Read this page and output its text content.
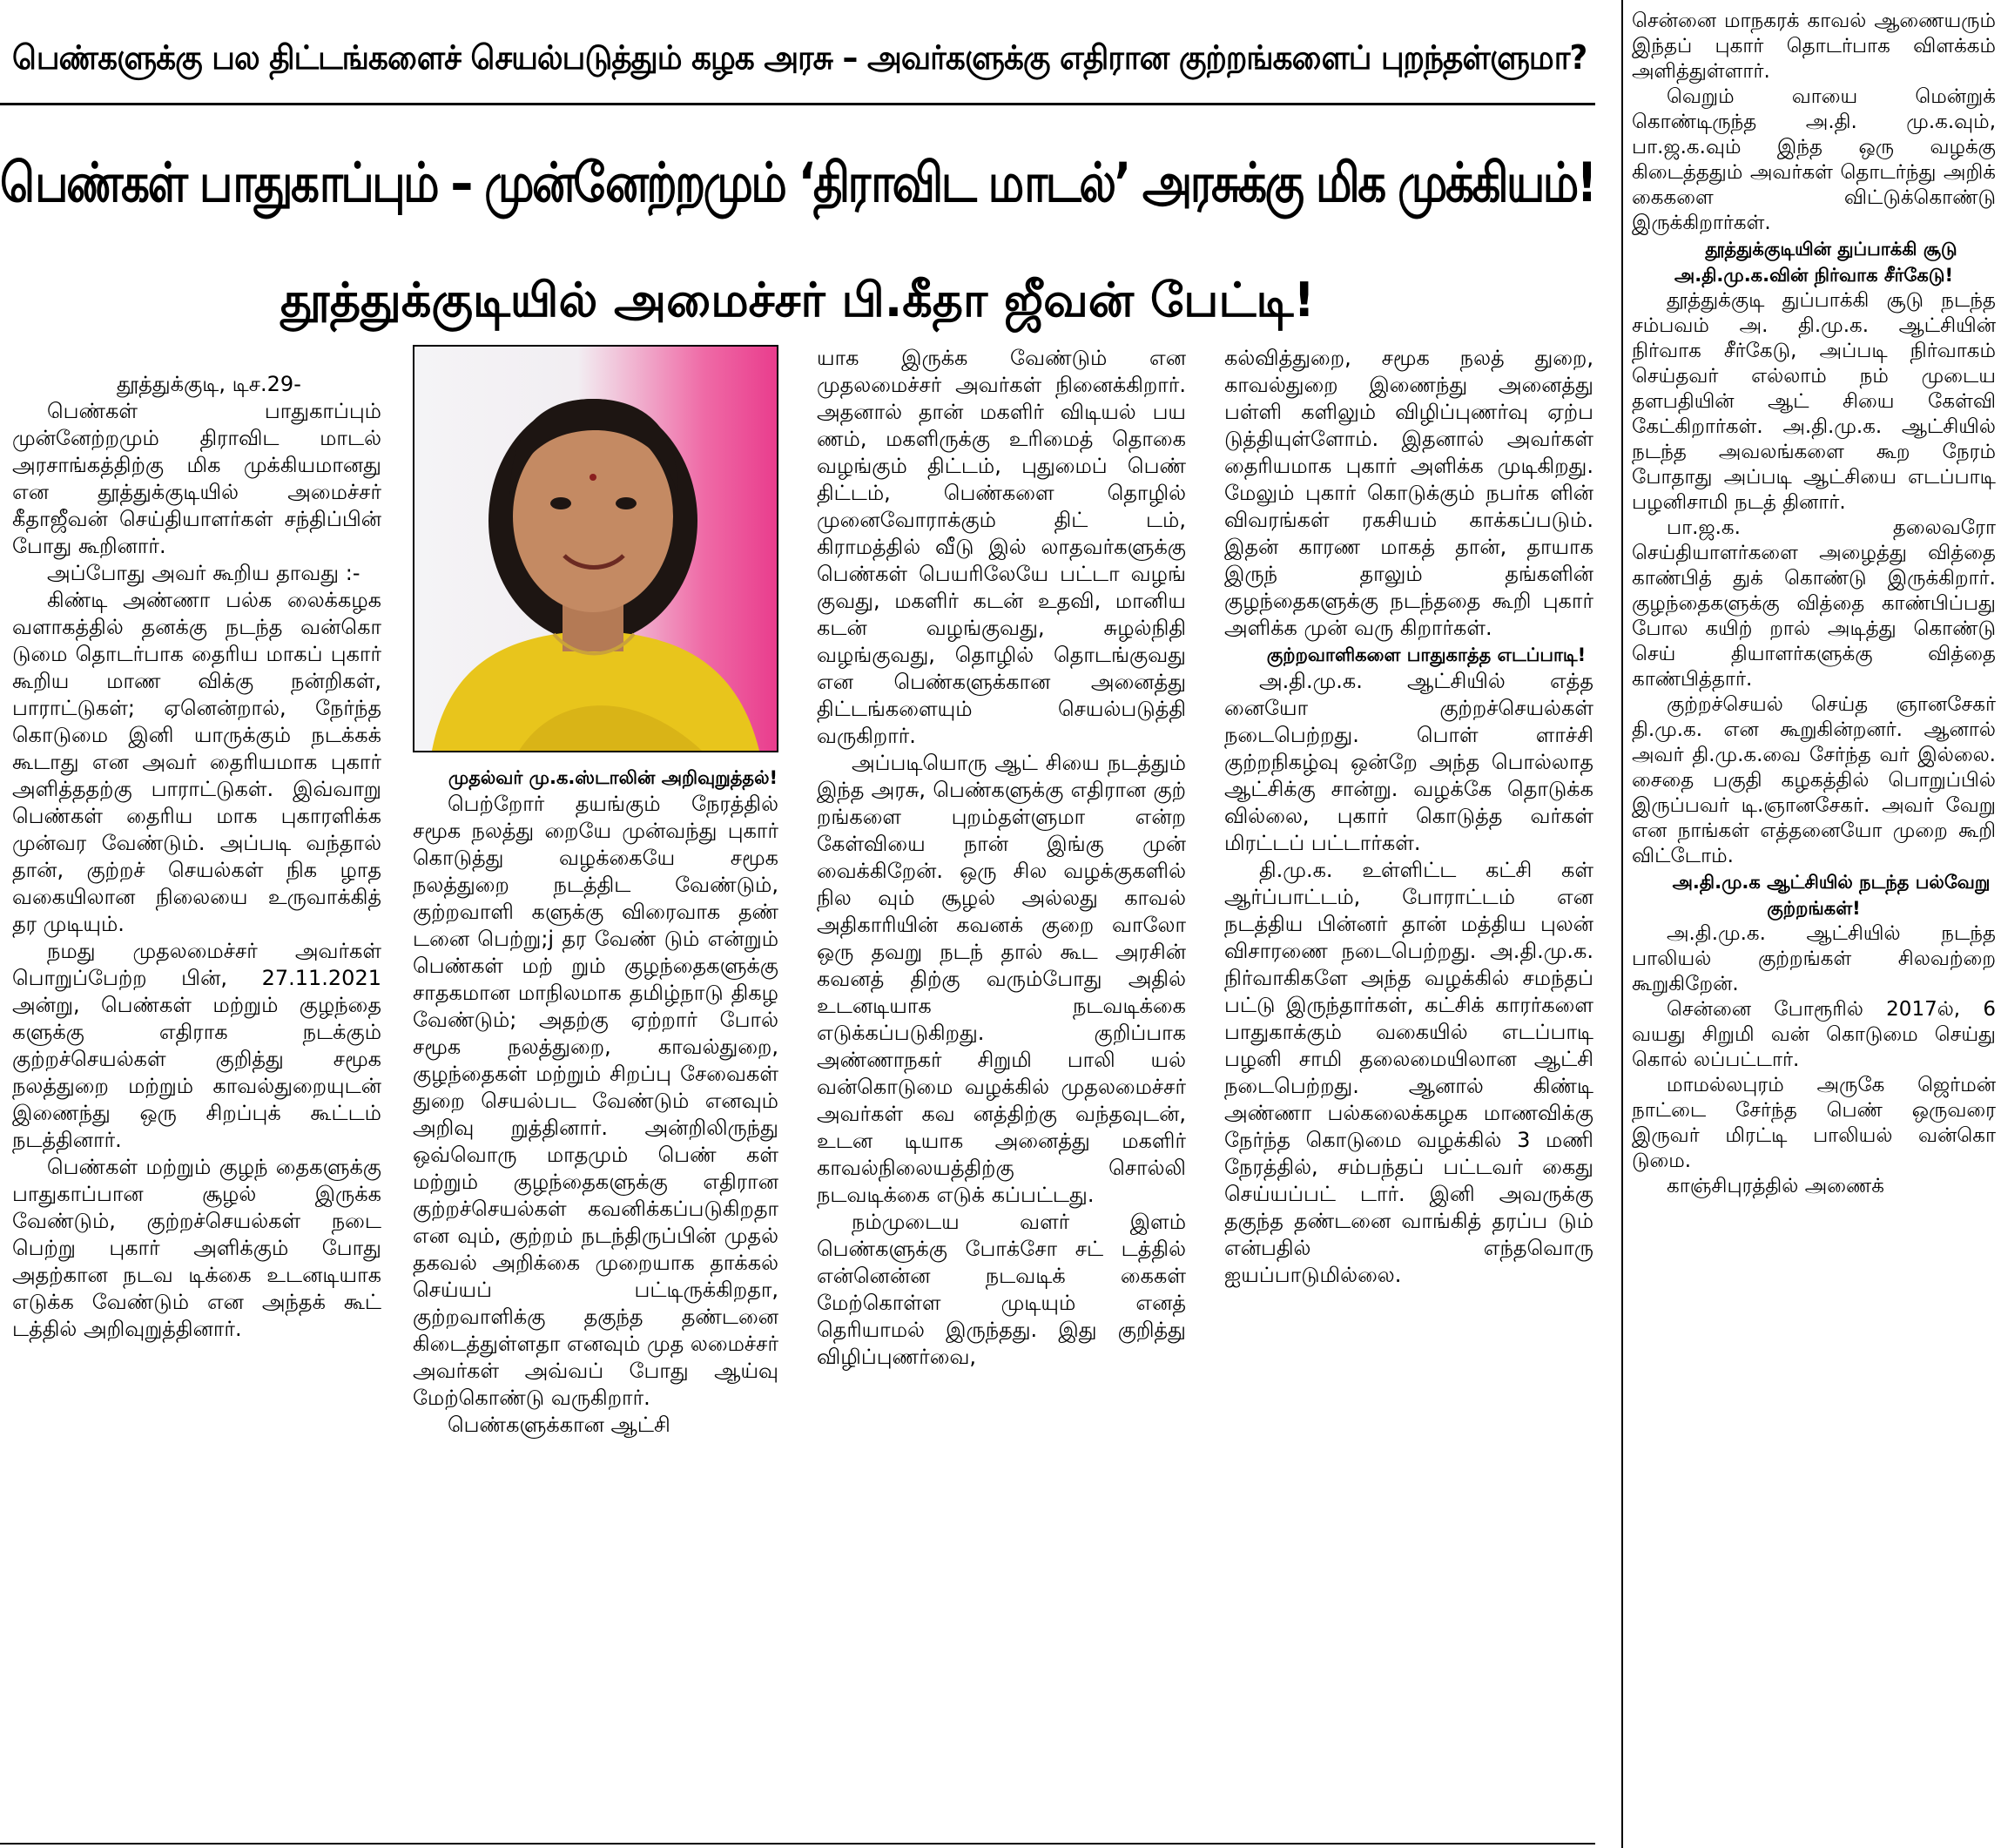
பெண்களுக்கு பல திட்டங்களைச் செயல்படுத்தும் கழக அரசு – அவர்களுக்கு எதிரான குற்றங்களைப் புறந்தள்ளுமா?
பெண்கள் பாதுகாப்பும் – முன்னேற்றமும் ‘திராவிட மாடல்’ அரசுக்கு மிக முக்கியம்!
தூத்துக்குடியில் அமைச்சர் பி.கீதா ஜீவன் பேட்டி!

தூத்துக்குடி, டிச.29-

பெண்கள் பாதுகாப்பும் முன்னேற்றமும் திராவிட மாடல் அரசாங்கத்திற்கு மிக முக்கியமானது என தூத்துக்குடியில் அமைச்சர் கீதாஜீவன் செய்தியாளர்கள் சந்திப்பின் போது கூறினார்.

அப்போது அவர் கூறிய தாவது :-

கிண்டி அண்ணா பல்க லைக்கழக வளாகத்தில் தனக்கு நடந்த வன்கொ டுமை தொடர்பாக தைரிய மாகப் புகார் கூறிய மாண விக்கு நன்றிகள், பாராட்டுகள்; ஏனென்றால், நேர்ந்த கொடுமை இனி யாருக்கும் நடக்கக் கூடாது என அவர் தைரியமாக புகார் அளித்ததற்கு பாராட்டுகள். இவ்வாறு பெண்கள் தைரிய மாக புகாரளிக்க முன்வர வேண்டும். அப்படி வந்தால் தான், குற்றச் செயல்கள் நிக ழாத வகையிலான நிலையை உருவாக்கித் தர முடியும்.

நமது முதலமைச்சர் அவர்கள் பொறுப்பேற்ற பின், 27.11.2021 அன்று, பெண்கள் மற்றும் குழந்தை களுக்கு எதிராக நடக்கும் குற்றச்செயல்கள் குறித்து சமூக நலத்துறை மற்றும் காவல்துறையுடன் இணைந்து ஒரு சிறப்புக் கூட்டம் நடத்தினார்.

பெண்கள் மற்றும் குழந் தைகளுக்கு பாதுகாப்பான சூழல் இருக்க வேண்டும், குற்றச்செயல்கள் நடை பெற்று புகார் அளிக்கும் போது அதற்கான நடவ டிக்கை உடனடியாக எடுக்க வேண்டும் என அந்தக் கூட் டத்தில் அறிவுறுத்தினார்.

முதல்வர் மு.க.ஸ்டாலின் அறிவுறுத்தல்!

பெற்றோர் தயங்கும் நேரத்தில் சமூக நலத்து றையே முன்வந்து புகார் கொடுத்து வழக்கையே சமூக நலத்துறை நடத்திட வேண்டும், குற்றவாளி களுக்கு விரைவாக தண் டனை பெற்று;j தர வேண் டும் என்றும் பெண்கள் மற் றும் குழந்தைகளுக்கு சாதகமான மாநிலமாக தமிழ்நாடு திகழ வேண்டும்; அதற்கு ஏற்றார் போல் சமூக நலத்துறை, காவல்துறை, குழந்தைகள் மற்றும் சிறப்பு சேவைகள் துறை செயல்பட வேண்டும் எனவும் அறிவு றுத்தினார். அன்றிலிருந்து ஒவ்வொரு மாதமும் பெண் கள் மற்றும் குழந்தைகளுக்கு எதிரான குற்றச்செயல்கள் கவனிக்கப்படுகிறதா என வும், குற்றம் நடந்திருப்பின் முதல் தகவல் அறிக்கை முறையாக தாக்கல் செய்யப் பட்டிருக்கிறதா, குற்றவாளிக்கு தகுந்த தண்டனை கிடைத்துள்ளதா எனவும் முத லமைச்சர் அவர்கள் அவ்வப் போது ஆய்வு மேற்கொண்டு வருகிறார்.

பெண்களுக்கான ஆட்சி

யாக இருக்க வேண்டும் என முதலமைச்சர் அவர்கள் நினைக்கிறார். அதனால் தான் மகளிர் விடியல் பய ணம், மகளிருக்கு உரிமைத் தொகை வழங்கும் திட்டம், புதுமைப் பெண் திட்டம், பெண்களை தொழில் முனைவோராக்கும் திட் டம், கிராமத்தில் வீடு இல் லாதவர்களுக்கு பெண்கள் பெயரிலேயே பட்டா வழங் குவது, மகளிர் கடன் உதவி, மானிய கடன் வழங்குவது, சுழல்நிதி வழங்குவது, தொழில் தொடங்குவது என பெண்களுக்கான அனைத்து திட்டங்களையும் செயல்படுத்தி வருகிறார்.

அப்படியொரு ஆட் சியை நடத்தும் இந்த அரசு, பெண்களுக்கு எதிரான குற் றங்களை புறம்தள்ளுமா என்ற கேள்வியை நான் இங்கு முன் வைக்கிறேன். ஒரு சில வழக்குகளில் நில வும் சூழல் அல்லது காவல் அதிகாரியின் கவனக் குறை வாலோ ஒரு தவறு நடந் தால் கூட அரசின் கவனத் திற்கு வரும்போது அதில் உடனடியாக நடவடிக்கை எடுக்கப்படுகிறது. குறிப்பாக அண்ணாநகர் சிறுமி பாலி யல் வன்கொடுமை வழக்கில் முதலமைச்சர் அவர்கள் கவ னத்திற்கு வந்தவுடன், உடன டியாக அனைத்து மகளிர் காவல்நிலையத்திற்கு சொல்லி நடவடிக்கை எடுக் கப்பட்டது.

நம்முடைய வளர் இளம் பெண்களுக்கு போக்சோ சட் டத்தில் என்னென்ன நடவடிக் கைகள் மேற்கொள்ள முடியும் எனத் தெரியாமல் இருந்தது. இது குறித்து விழிப்புணர்வை,

கல்வித்துறை, சமூக நலத் துறை, காவல்துறை இணைந்து அனைத்து பள்ளி களிலும் விழிப்புணர்வு ஏற்ப டுத்தியுள்ளோம். இதனால் அவர்கள் தைரியமாக புகார் அளிக்க முடிகிறது. மேலும் புகார் கொடுக்கும் நபர்க ளின் விவரங்கள் ரகசியம் காக்கப்படும். இதன் காரண மாகத் தான், தாயாக இருந் தாலும் தங்களின் குழந்தைகளுக்கு நடந்ததை கூறி புகார் அளிக்க முன் வரு கிறார்கள்.

குற்றவாளிகளை பாதுகாத்த எடப்பாடி!

அ.தி.மு.க. ஆட்சியில் எத்த னையோ குற்றச்செயல்கள் நடைபெற்றது. பொள் ளாச்சி குற்றநிகழ்வு ஒன்றே அந்த பொல்லாத ஆட்சிக்கு சான்று. வழக்கே தொடுக்க வில்லை, புகார் கொடுத்த வர்கள் மிரட்டப் பட்டார்கள்.

தி.மு.க. உள்ளிட்ட கட்சி கள் ஆர்ப்பாட்டம், போராட்டம் என நடத்திய பின்னர் தான் மத்திய புலன் விசாரணை நடைபெற்றது. அ.தி.மு.க. நிர்வாகிகளே அந்த வழக்கில் சமந்தப் பட்டு இருந்தார்கள், கட்சிக் காரர்களை பாதுகாக்கும் வகையில் எடப்பாடி பழனி சாமி தலைமையிலான ஆட்சி நடைபெற்றது. ஆனால் கிண்டி அண்ணா பல்கலைக்கழக மாணவிக்கு நேர்ந்த கொடுமை வழக்கில் 3 மணி நேரத்தில், சம்பந்தப் பட்டவர் கைது செய்யப்பட் டார். இனி அவருக்கு தகுந்த தண்டனை வாங்கித் தரப்ப டும் என்பதில் எந்தவொரு ஐயப்பாடுமில்லை.

சென்னை மாநகரக் காவல் ஆணையரும் இந்தப் புகார் தொடர்பாக விளக்கம் அளித்துள்ளார்.

வெறும் வாயை மென்றுக் கொண்டிருந்த அ.தி. மு.க.வும், பா.ஜ.க.வும் இந்த ஒரு வழக்கு கிடைத்ததும் அவர்கள் தொடர்ந்து அறிக் கைகளை விட்டுக்கொண்டு இருக்கிறார்கள்.

தூத்துக்குடியின் துப்பாக்கி சூடு அ.தி.மு.க.வின் நிர்வாக சீர்கேடு!

தூத்துக்குடி துப்பாக்கி சூடு நடந்த சம்பவம் அ. தி.மு.க. ஆட்சியின் நிர்வாக சீர்கேடு, அப்படி நிர்வாகம் செய்தவர் எல்லாம் நம் முடைய தளபதியின் ஆட் சியை கேள்வி கேட்கிறார்கள். அ.தி.மு.க. ஆட்சியில் நடந்த அவலங்களை கூற நேரம் போதாது அப்படி ஆட்சியை எடப்பாடி பழனிசாமி நடத் தினார்.

பா.ஜ.க. தலைவரோ செய்தியாளர்களை அழைத்து வித்தை காண்பித் துக் கொண்டு இருக்கிறார். குழந்தைகளுக்கு வித்தை காண்பிப்பது போல கயிற் றால் அடித்து கொண்டு செய் தியாளர்களுக்கு வித்தை காண்பித்தார்.

குற்றச்செயல் செய்த ஞானசேகர் தி.மு.க. என கூறுகின்றனர். ஆனால் அவர் தி.மு.க.வை சேர்ந்த வர் இல்லை. சைதை பகுதி கழகத்தில் பொறுப்பில் இருப்பவர் டி.ஞானசேகர். அவர் வேறு என நாங்கள் எத்தனையோ முறை கூறி விட்டோம்.

அ.தி.மு.க ஆட்சியில் நடந்த பல்வேறு குற்றங்கள்!

அ.தி.மு.க. ஆட்சியில் நடந்த பாலியல் குற்றங்கள் சிலவற்றை கூறுகிறேன்.

சென்னை போரூரில் 2017ல், 6 வயது சிறுமி வன் கொடுமை செய்து கொல் லப்பட்டார்.

மாமல்லபுரம் அருகே ஜெர்மன் நாட்டை சேர்ந்த பெண் ஒருவரை இருவர் மிரட்டி பாலியல் வன்கொ டுமை.

காஞ்சிபுரத்தில் அணைக்
